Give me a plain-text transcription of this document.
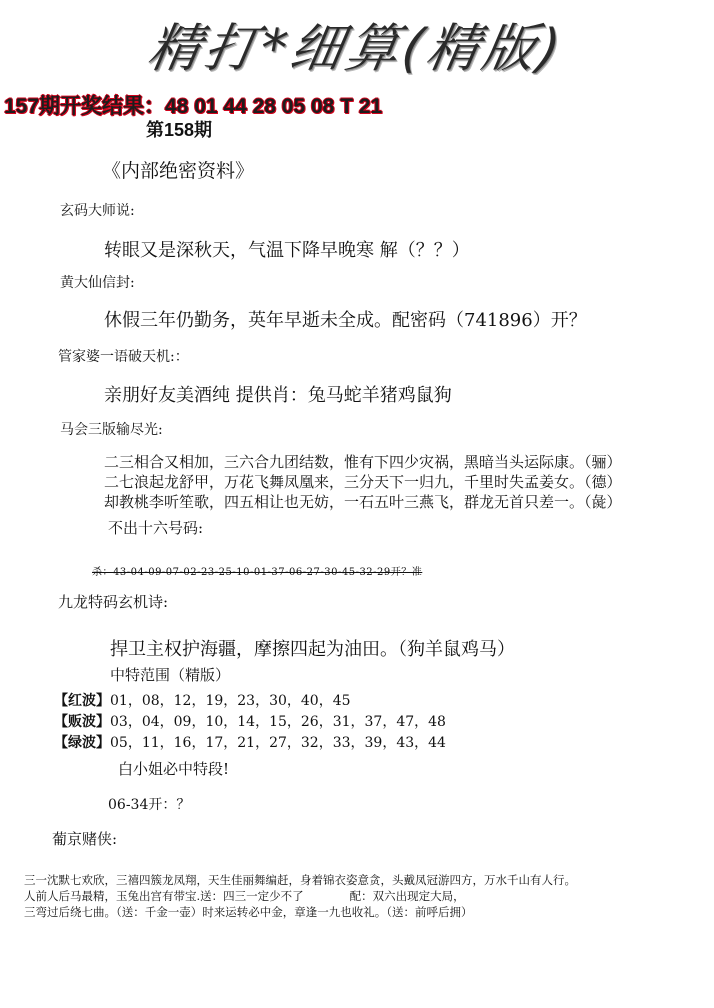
精打*细算(精版)
157期开奖结果：48 01 44 28 05 08 T 21
第158期
《内部绝密资料》
玄码大师说:
转眼又是深秋天，气温下降早晚寒 解（？？）
黄大仙信封:
休假三年仍勤务，英年早逝未全成。配密码（741896）开？
管家婆一语破天机:：
亲朋好友美酒纯 提供肖：兔马蛇羊猪鸡鼠狗
马会三版输尽光:
二三相合又相加，三六合九团结数，惟有下四少灾祸，黑暗当头运际康。（骊）
二七浪起龙舒甲，万花飞舞凤凰来，三分天下一归九，千里时失孟姜女。（德）
却教桃李听笙歌，四五相让也无妨，一石五叶三燕飞，群龙无首只差一。（彘）
不出十六号码:
杀：43-04-09-07-02-23-25-10-01-37-06-27-30-45-32-29开？准
九龙特码玄机诗:
捍卫主权护海疆，摩擦四起为油田。（狗羊鼠鸡马）
中特范围（精版）
【红波】01，08，12，19，23，30，40，45
【贩波】03，04，09，10，14，15，26，31，37，47，48
【绿波】05，11，16，17，21，27，32，33，39，43，44
白小姐必中特段!
06-34开：？
葡京赌侠:
三一沈默七欢欣，三禧四簇龙凤翔，天生佳丽舞编赶，身着锦衣姿意贪，头戴凤冠游四方，万水千山有人行。
人前人后马最精，玉兔出宫有带宝.送：四三一定少不了　　　　配：双六出现定大局，
三弯过后绕七曲。（送：千金一壶）时来运转必中金，章逢一九也收礼。（送：前呼后拥）
